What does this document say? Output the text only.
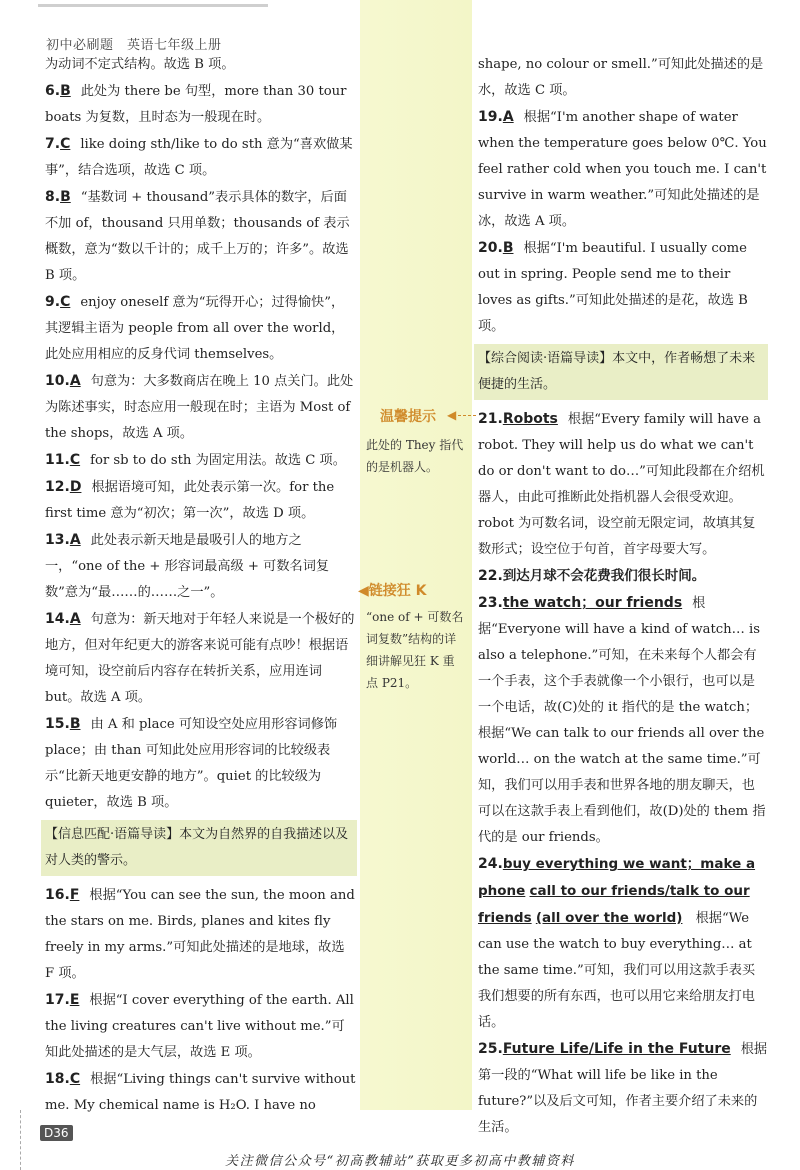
初中必刷题　英语七年级上册
为动词不定式结构。故选 B 项。
6.B 此处为 there be 句型，more than 30 tour boats 为复数，且时态为一般现在时。
7.C like doing sth/like to do sth 意为“喜欢做某事”，结合选项，故选 C 项。
8.B “基数词 + thousand”表示具体的数字，后面不加 of，thousand 只用单数；thousands of 表示概数，意为“数以千计的；成千上万的；许多”。故选 B 项。
9.C enjoy oneself 意为“玩得开心；过得愉快”，其逻辑主语为 people from all over the world，此处应用相应的反身代词 themselves。
10.A 句意为：大多数商店在晚上 10 点关门。此处为陈述事实，时态应用一般现在时；主语为 Most of the shops，故选 A 项。
11.C for sb to do sth 为固定用法。故选 C 项。
12.D 根据语境可知，此处表示第一次。for the first time 意为“初次；第一次”，故选 D 项。
13.A 此处表示新天地是最吸引人的地方之一，“one of the + 形容词最高级 + 可数名词复数”意为“最……的……之一”。
14.A 句意为：新天地对于年轻人来说是一个极好的地方，但对年纪更大的游客来说可能有点吵！根据语境可知，设空前后内容存在转折关系，应用连词 but。故选 A 项。
15.B 由 A 和 place 可知设空处应用形容词修饰 place；由 than 可知此处应用形容词的比较级表示“比新天地更安静的地方”。quiet 的比较级为 quieter，故选 B 项。
【信息匹配·语篇导读】本文为自然界的自我描述以及对人类的警示。
16.F 根据“You can see the sun, the moon and the stars on me. Birds, planes and kites fly freely in my arms.”可知此处描述的是地球，故选 F 项。
17.E 根据“I cover everything of the earth. All the living creatures can't live without me.”可知此处描述的是大气层，故选 E 项。
18.C 根据“Living things can't survive without me. My chemical name is H₂O. I have no
温馨提示 ◀
此处的 They 指代的是机器人。
◀链接狂 K
“one of + 可数名词复数”结构的详细讲解见狂 K 重点 P21。
shape, no colour or smell.”可知此处描述的是水，故选 C 项。
19.A 根据“I'm another shape of water when the temperature goes below 0℃. You feel rather cold when you touch me. I can't survive in warm weather.”可知此处描述的是冰，故选 A 项。
20.B 根据“I'm beautiful. I usually come out in spring. People send me to their loves as gifts.”可知此处描述的是花，故选 B 项。
【综合阅读·语篇导读】本文中，作者畅想了未来便捷的生活。
21.Robots 根据“Every family will have a robot. They will help us do what we can't do or don't want to do…”可知此段都在介绍机器人，由此可推断此处指机器人会很受欢迎。robot 为可数名词，设空前无限定词，故填其复数形式；设空位于句首，首字母要大写。
22.到达月球不会花费我们很长时间。
23.the watch；our friends 根据“Everyone will have a kind of watch… is also a telephone.”可知，在未来每个人都会有一个手表，这个手表就像一个小银行，也可以是一个电话，故(C)处的 it 指代的是 the watch；根据“We can talk to our friends all over the world… on the watch at the same time.”可知，我们可以用手表和世界各地的朋友聊天，也可以在这款手表上看到他们，故(D)处的 them 指代的是 our friends。
24.buy everything we want；make a phone call to our friends/talk to our friends (all over the world)　 根据“We can use the watch to buy everything… at the same time.”可知，我们可以用这款手表买我们想要的所有东西，也可以用它来给朋友打电话。
25.Future Life/Life in the Future 根据第一段的“What will life be like in the future?”以及后文可知，作者主要介绍了未来的生活。
D36
关注微信公众号“初高教辅站”获取更多初高中教辅资料
